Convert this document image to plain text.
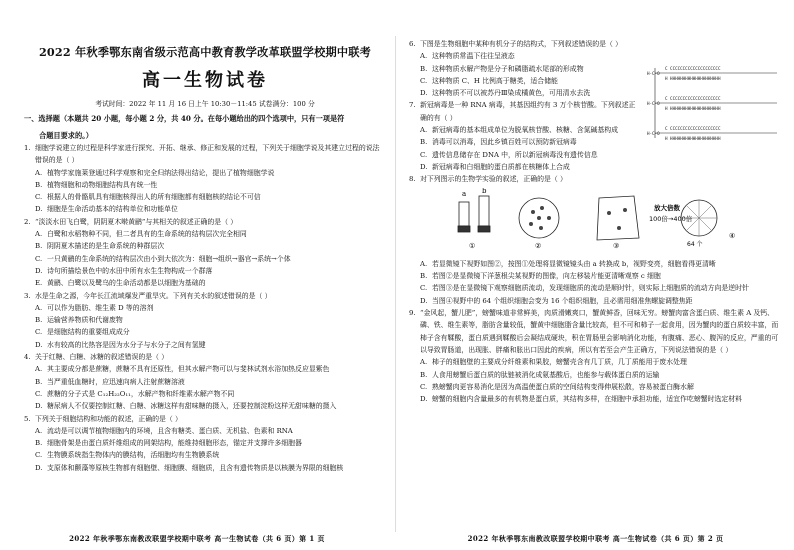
2022 年秋季鄂东南省级示范高中教育教学改革联盟学校期中联考
高一生物试卷
考试时间：2022 年 11 月 16 日上午 10:30－11:45 试卷满分：100 分
一、选择题（本题共 20 小题，每小题 2 分，共 40 分。在每小题给出的四个选项中，只有一项是符
合题目要求的。）
1. 细胞学说建立的过程是科学家进行探究、开拓、继承、修正和发展的过程，下列关于细胞学说及其建立过程的说法错误的是（ ）
A. 植物学家施莱登通过科学观察和完全归纳法得出结论，提出了植物细胞学说
B. 植物细胞和动物细胞结构具有统一性
C. 根据人的骨骼肌具有细胞核得出人的所有细胞都有细胞核的结论不可信
D. 细胞是生命活动基本的结构单位和功能单位
2. “淡淡水田飞白鹭，阴阴夏木啭黄鹂”与其相关的叙述正确的是（ ）
A. 白鹭和水稻物种不同，但二者具有的生命系统的结构层次完全相同
B. 阴阴夏木描述的是生命系统的种群层次
C. 一只黄鹂的生命系统的结构层次由小到大依次为：细胞→组织→器官→系统→个体
D. 诗句所描绘景色中的水田中所有水生生物构成一个群落
E. 黄鹂、白鹭以及鹭乌的生命活动都是以细胞为基础的
3. 水是生命之源，今年长江流域爆发严重旱灾。下列有关水的叙述错误的是（ ）
A. 可以作为脂肪、维生素 D 等的溶剂
B. 运输营养物质和代谢废物
C. 是细胞结构的重要组成成分
D. 水有较高的比热容是因为水分子与水分子之间有氢键
4. 关于红糖、白糖、冰糖的叙述错误的是（ ）
A. 其主要成分都是蔗糖，蔗糖不具有还原性，但其水解产物可以与斐林试剂水浴加热反应显紫色
B. 当严重低血糖时，应迅速向病人注射蔗糖溶液
C. 蔗糖的分子式是 C₁₂H₂₂O₁₁，水解产物和纤维素水解产物不同
D. 糖尿病人不仅要控制红糖、白糖、冰糖这样有甜味糖的摄入，还要控制淀粉这样无甜味糖的摄入
5. 下列关于细胞结构和功能的叙述，正确的是（ ）
A. 流动是可以调节植物细胞内的环境，且含有糖类、蛋白质、无机盐、色素和 RNA
B. 细胞骨架是由蛋白质纤维组成的网架结构，能维持细胞形态，锚定并支撑许多细胞器
C. 生物膜系统指生物体内的膜结构，活细胞均有生物膜系统
D. 支原体和颤藻等原核生物都有细胞壁、细胞膜、细胞质，且含有遗传物质是以核膜为界限的细胞核
2022 年秋季鄂东南教改联盟学校期中联考 高一生物试卷（共 6 页）第 1 页
6. 下图是生物细胞中某种有机分子的结构式，下列叙述错误的是（ ）
A. 这种物质常温下往往呈液态
B. 这种物质水解产物是分子和磷脂疏水尾部的形成物
C. 这种物质 C、H 比例高于糖类，适合储能
D. 这种物质不可以被苏丹Ⅲ染成橘黄色，可用清水去洗
H-C-O
H-C-O
H-C-O
C CCCCCCCCCCCCCCCCCCCC
H HHHHHHHHHHHHHHHHHHHH
C CCCCCCCCCCCCCCCCCCCC
H HHHHHHHHHHHHHHHHHHHH
C CCCCCCCCCCCCCCCCCCCC
H HHHHHHHHHHHHHHHHHHHH
7. 新冠病毒是一种 RNA 病毒，其基因组约有 3 万个核苷酸。下列叙述正确的有（ ）
A. 新冠病毒的基本组成单位为脱氧核苷酸、核糖、含氮碱基构成
B. 消毒可以消毒，因此乡镇百姓可以预防新冠病毒
C. 遗传信息储存在 DNA 中，所以新冠病毒没有遗传信息
D. 新冠病毒和白细胞的蛋白质都在核糖体上合成
8. 对下列图示的生物学实验的叙述，正确的是（ ）
a b
放大倍数
100倍→400倍
64 个
①	②	③
④
A. 若显微镜下视野如图②，按图①处理将显微镜镜头由 a 转换成 b，视野变亮，细胞看得更清晰
B. 若图②是显微镜下洋葱根尖某视野的图像，向左移装片能更清晰观察 c 细胞
C. 若图③是在显微镜下观察细胞质流动，发现细胞质的流动是顺时针，则实际上细胞质的流动方向是逆时针
D. 当图④视野中的 64 个组织细胞会变为 16 个组织细胞，且必需用细准焦螺旋调整焦距
9. “金风起，蟹儿肥”，螃蟹味道非常鲜美，肉质滑嫩爽口，蟹黄鲜香，回味无穷。螃蟹肉富含蛋白质、维生素 A 及钙、磷、铁、维生素等，脂肪含量较低，蟹黄中细胞脂含量比较高，但不可和柿子一起食用，因为蟹肉的蛋白质较丰富，而柿子含有鞣酸，蛋白质遇到鞣酸后会凝结成硬块，积在胃肠里会影响消化功能，有腹痛、恶心、腹泻的反应，严重的可以导致胃肠道，出现胀、胖痛和胀出口因此的疾病，所以有若至会产生正确方，下列说法错误的是（ ）
A. 柿子的细胞壁的主要成分纤维素和果胶，螃蟹壳含有几丁质，几丁质能用于废水处理
B. 人食用螃蟹后蛋白质的肽链被消化成氨基酸后，也能参与载体蛋白质的运输
C. 熟螃蟹肉更容易消化是因为高温使蛋白质的空间结构变得伸展松散，容易被蛋白酶水解
D. 螃蟹的细胞内含量最多的有机物是蛋白质，其结构多样，在细胞中承担功能，适宜作吃螃蟹时选定材料
2022 年秋季鄂东南教改联盟学校期中联考 高一生物试卷（共 6 页）第 2 页
